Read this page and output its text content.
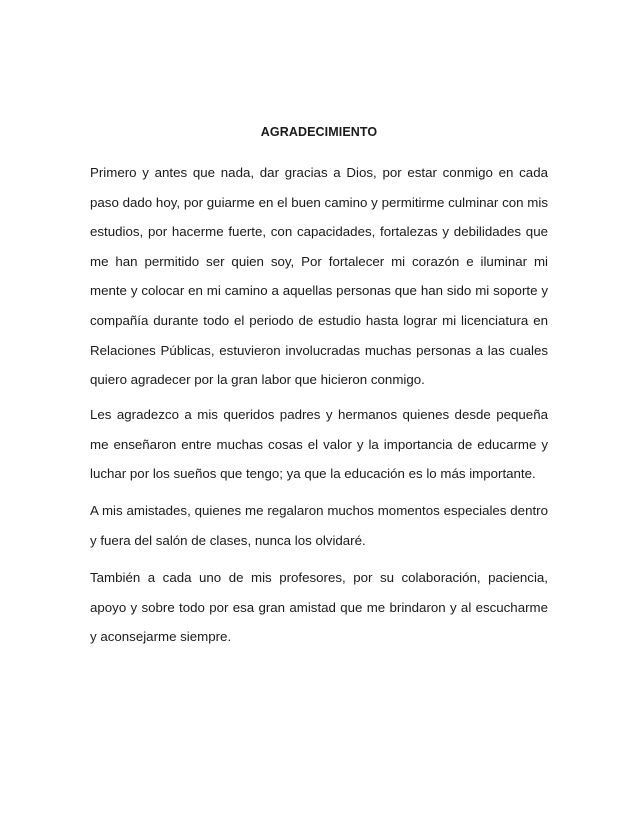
AGRADECIMIENTO

Primero y antes que nada, dar gracias a Dios, por estar conmigo en cada paso dado hoy, por guiarme en el buen camino y permitirme culminar con mis estudios, por hacerme fuerte, con capacidades, fortalezas y debilidades que me han permitido ser quien soy, Por fortalecer mi corazón e iluminar mi mente y colocar en mi camino a aquellas personas que han sido mi soporte y compañía durante todo el periodo de estudio hasta lograr mi licenciatura en Relaciones Públicas, estuvieron involucradas muchas personas a las cuales quiero agradecer por la gran labor que hicieron conmigo.

Les agradezco a mis queridos padres y hermanos quienes desde pequeña me enseñaron entre muchas cosas el valor y la importancia de educarme y luchar por los sueños que tengo; ya que la educación es lo más importante.

A mis amistades, quienes me regalaron muchos momentos especiales dentro y fuera del salón de clases, nunca los olvidaré.

También a cada uno de mis profesores, por su colaboración, paciencia, apoyo y sobre todo por esa gran amistad que me brindaron y al escucharme y aconsejarme siempre.
